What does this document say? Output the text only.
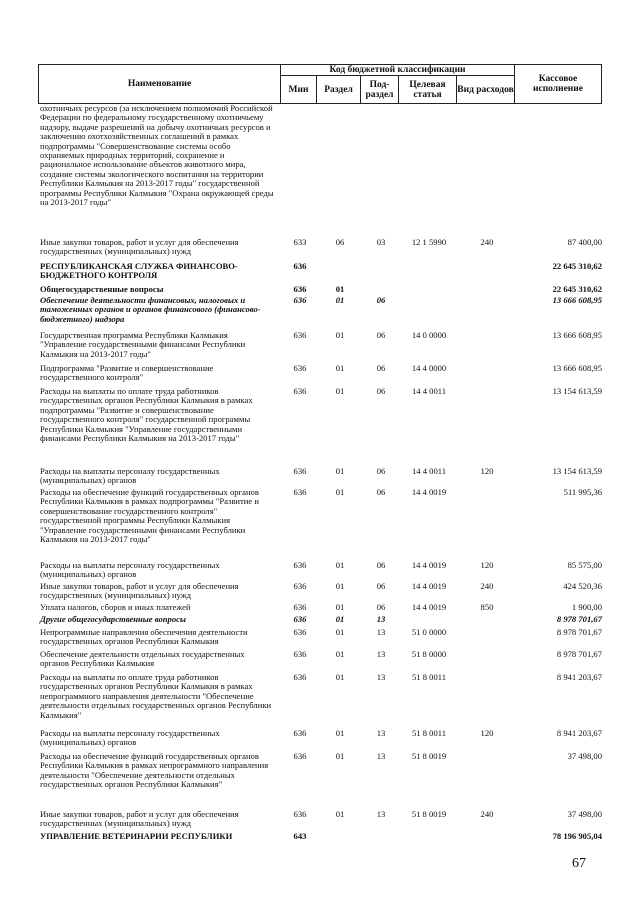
Наименование
Код бюджетной классификации
Мин	Раздел	Под-раздел
Целевая статья	Вид расходов
Кассовое исполнение
охотничьих ресурсов (за исключением полномочий Российской Федерации по федеральному государственному охотничьему надзору, выдаче разрешений на добычу охотничьих ресурсов и заключению охотхозяйственных соглашений в рамках подпрограммы "Совершенствование системы особо охраняемых природных территорий, сохранение и рациональное использование объектов животного мира, создание системы экологического воспитания на территории Республики Калмыкия на 2013-2017 годы" государственной программы Республики Калмыкия "Охрана окружающей среды на 2013-2017 годы"
Иные закупки товаров, работ и услуг для обеспечения государственных (муниципальных) нужд
633	06	03	12 1 5990	240	87 400,00
РЕСПУБЛИКАНСКАЯ СЛУЖБА ФИНАНСОВО-БЮДЖЕТНОГО КОНТРОЛЯ
636	22 645 310,62
Общегосударственные вопросы	636	01	22 645 310,62
Обеспечение деятельности финансовых, налоговых и таможенных органов и органов финансового (финансово-бюджетного) надзора
636	01	06	13 666 608,95
Государственная программа Республики Калмыкия "Управление государственными финансами Республики Калмыкия на 2013-2017 годы"
636	01	06	14 0 0000	13 666 608,95
Подпрограмма "Развитие и совершенствование государственного контроля"
636	01	06	14 4 0000	13 666 608,95
Расходы на выплаты по оплате труда работников государственных органов Республики Калмыкия в рамках подпрограммы "Развитие и совершенствование государственного контроля" государственной программы Республики Калмыкия "Управление государственными финансами Республики Калмыкия на 2013-2017 годы"
636	01	06	14 4 0011	13 154 613,59
Расходы на выплаты персоналу государственных (муниципальных) органов
636	01	06	14 4 0011	120	13 154 613,59
Расходы на обеспечение функций государственных органов Республики Калмыкия в рамках подпрограммы "Развитие и совершенствование государственного контроля" государственной программы Республики Калмыкия "Управление государственными финансами Республики Калмыкия на 2013-2017 годы"
636	01	06	14 4 0019	511 995,36
Расходы на выплаты персоналу государственных (муниципальных) органов
636	01	06	14 4 0019	120	85 575,00
Иные закупки товаров, работ и услуг для обеспечения государственных (муниципальных) нужд
636	01	06	14 4 0019	240	424 520,36
Уплата налогов, сборов и иных платежей	636	01	06	14 4 0019	850	1 900,00
Другие общегосударственные вопросы	636	01	13	8 978 701,67
Непрограммные направления обеспечения деятельности государственных органов Республики Калмыкия
636	01	13	51 0 0000	8 978 701,67
Обеспечение деятельности отдельных государственных органов Республики Калмыкия
636	01	13	51 8 0000	8 978 701,67
Расходы на выплаты по оплате труда работников государственных органов Республики Калмыкия в рамках непрограммного направления деятельности "Обеспечение деятельности отдельных государственных органов Республики Калмыкия"
636	01	13	51 8 0011	8 941 203,67
Расходы на выплаты персоналу государственных (муниципальных) органов
636	01	13	51 8 0011	120	8 941 203,67
Расходы на обеспечение функций государственных органов Республики Калмыкия в рамках непрограммного направления деятельности "Обеспечение деятельности отдельных государственных органов Республики Калмыкия"
636	01	13	51 8 0019	37 498,00
Иные закупки товаров, работ и услуг для обеспечения государственных (муниципальных) нужд
636	01	13	51 8 0019	240	37 498,00
УПРАВЛЕНИЕ ВЕТЕРИНАРИИ РЕСПУБЛИКИ	643	78 196 905,04
67
